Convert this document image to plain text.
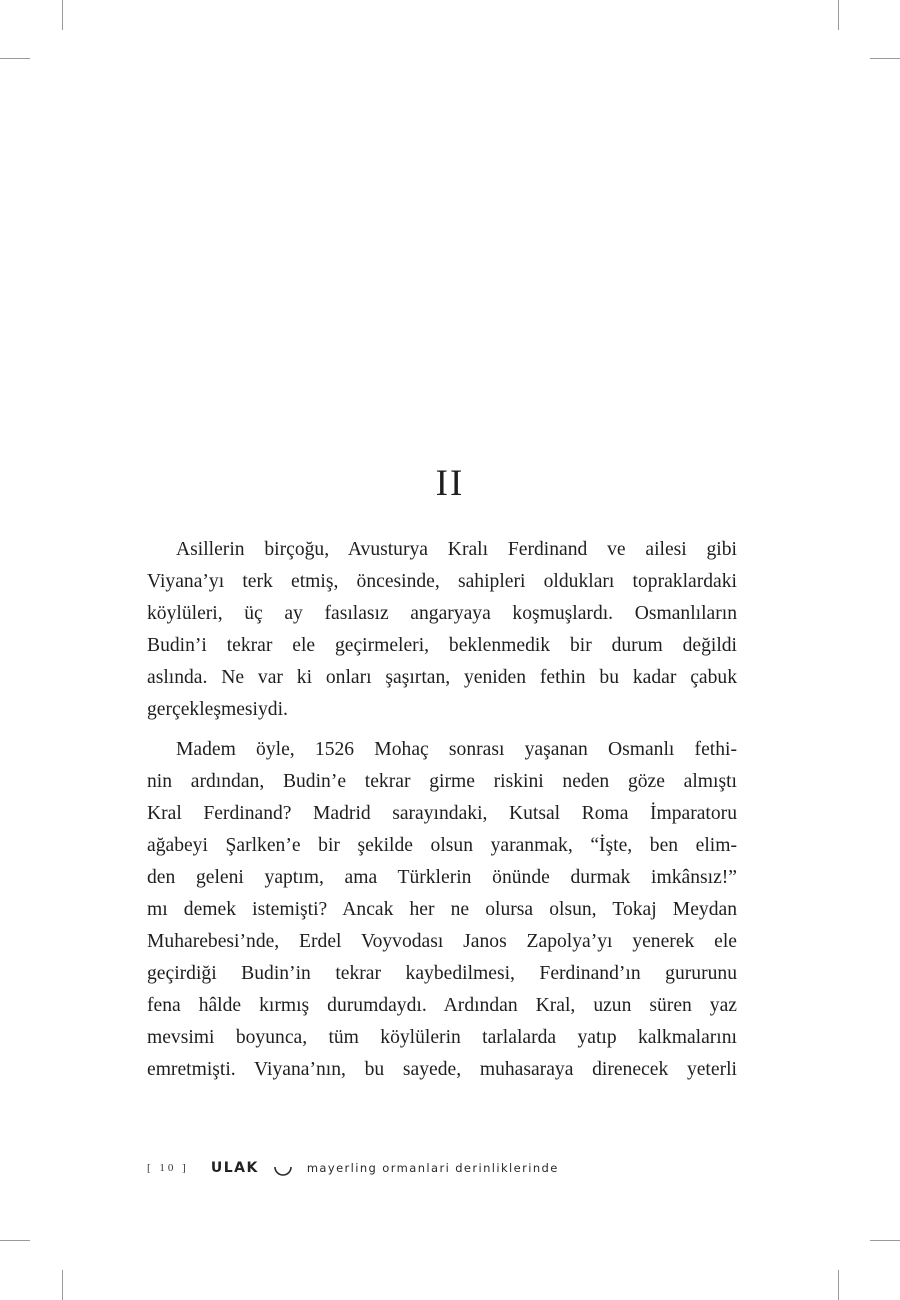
II
Asillerin birçoğu, Avusturya Kralı Ferdinand ve ailesi gibi
Viyana’yı terk etmiş, öncesinde, sahipleri oldukları topraklardaki
köylüleri, üç ay fasılasız angaryaya koşmuşlardı. Osmanlıların
Budin’i tekrar ele geçirmeleri, beklenmedik bir durum değildi
aslında. Ne var ki onları şaşırtan, yeniden fethin bu kadar çabuk
gerçekleşmesiydi.
Madem öyle, 1526 Mohaç sonrası yaşanan Osmanlı fethi-
nin ardından, Budin’e tekrar girme riskini neden göze almıştı
Kral Ferdinand? Madrid sarayındaki, Kutsal Roma İmparatoru
ağabeyi Şarlken’e bir şekilde olsun yaranmak, “İşte, ben elim-
den geleni yaptım, ama Türklerin önünde durmak imkânsız!”
mı demek istemişti? Ancak her ne olursa olsun, Tokaj Meydan
Muharebesi’nde, Erdel Voyvodası Janos Zapolya’yı yenerek ele
geçirdiği Budin’in tekrar kaybedilmesi, Ferdinand’ın gururunu
fena hâlde kırmış durumdaydı. Ardından Kral, uzun süren yaz
mevsimi boyunca, tüm köylülerin tarlalarda yatıp kalkmalarını
emretmişti. Viyana’nın, bu sayede, muhasaraya direnecek yeterli
[ 10 ] ULAK	mayerling ormanlari deri̇nli̇kleri̇nde
